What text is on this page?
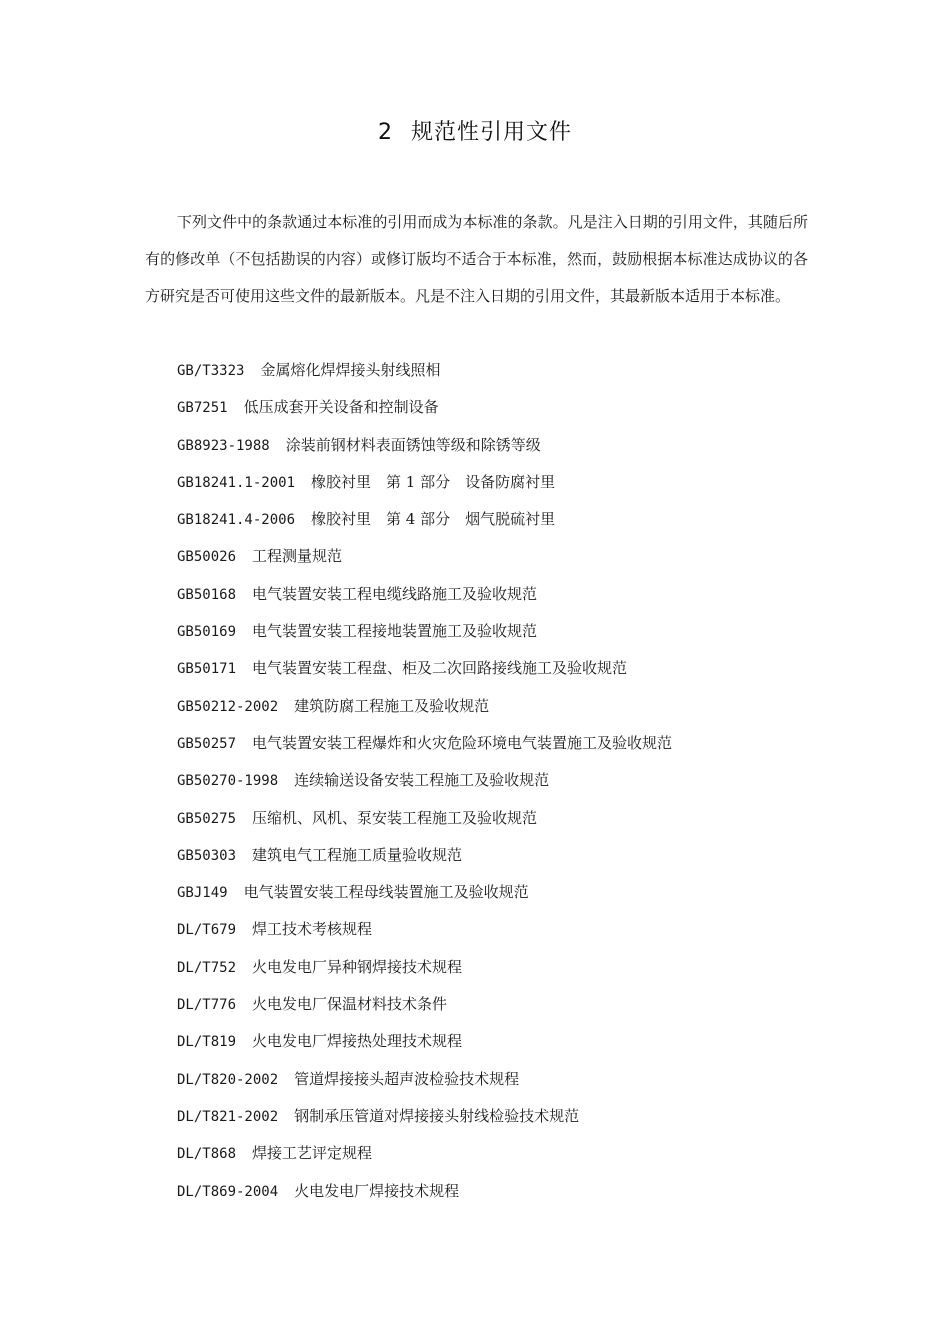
2 规范性引用文件

下列文件中的条款通过本标准的引用而成为本标准的条款。凡是注入日期的引用文件，其随后所有的修改单（不包括勘误的内容）或修订版均不适合于本标准，然而，鼓励根据本标准达成协议的各方研究是否可使用这些文件的最新版本。凡是不注入日期的引用文件，其最新版本适用于本标准。

GB/T3323 金属熔化焊焊接头射线照相
GB7251 低压成套开关设备和控制设备
GB8923-1988 涂装前钢材料表面锈蚀等级和除锈等级
GB18241.1-2001 橡胶衬里　第 1 部分　设备防腐衬里
GB18241.4-2006 橡胶衬里　第 4 部分　烟气脱硫衬里
GB50026 工程测量规范
GB50168 电气装置安装工程电缆线路施工及验收规范
GB50169 电气装置安装工程接地装置施工及验收规范
GB50171 电气装置安装工程盘、柜及二次回路接线施工及验收规范
GB50212-2002 建筑防腐工程施工及验收规范
GB50257 电气装置安装工程爆炸和火灾危险环境电气装置施工及验收规范
GB50270-1998 连续输送设备安装工程施工及验收规范
GB50275 压缩机、风机、泵安装工程施工及验收规范
GB50303 建筑电气工程施工质量验收规范
GBJ149 电气装置安装工程母线装置施工及验收规范
DL/T679 焊工技术考核规程
DL/T752 火电发电厂异种钢焊接技术规程
DL/T776 火电发电厂保温材料技术条件
DL/T819 火电发电厂焊接热处理技术规程
DL/T820-2002 管道焊接接头超声波检验技术规程
DL/T821-2002 钢制承压管道对焊接接头射线检验技术规范
DL/T868 焊接工艺评定规程
DL/T869-2004 火电发电厂焊接技术规程
